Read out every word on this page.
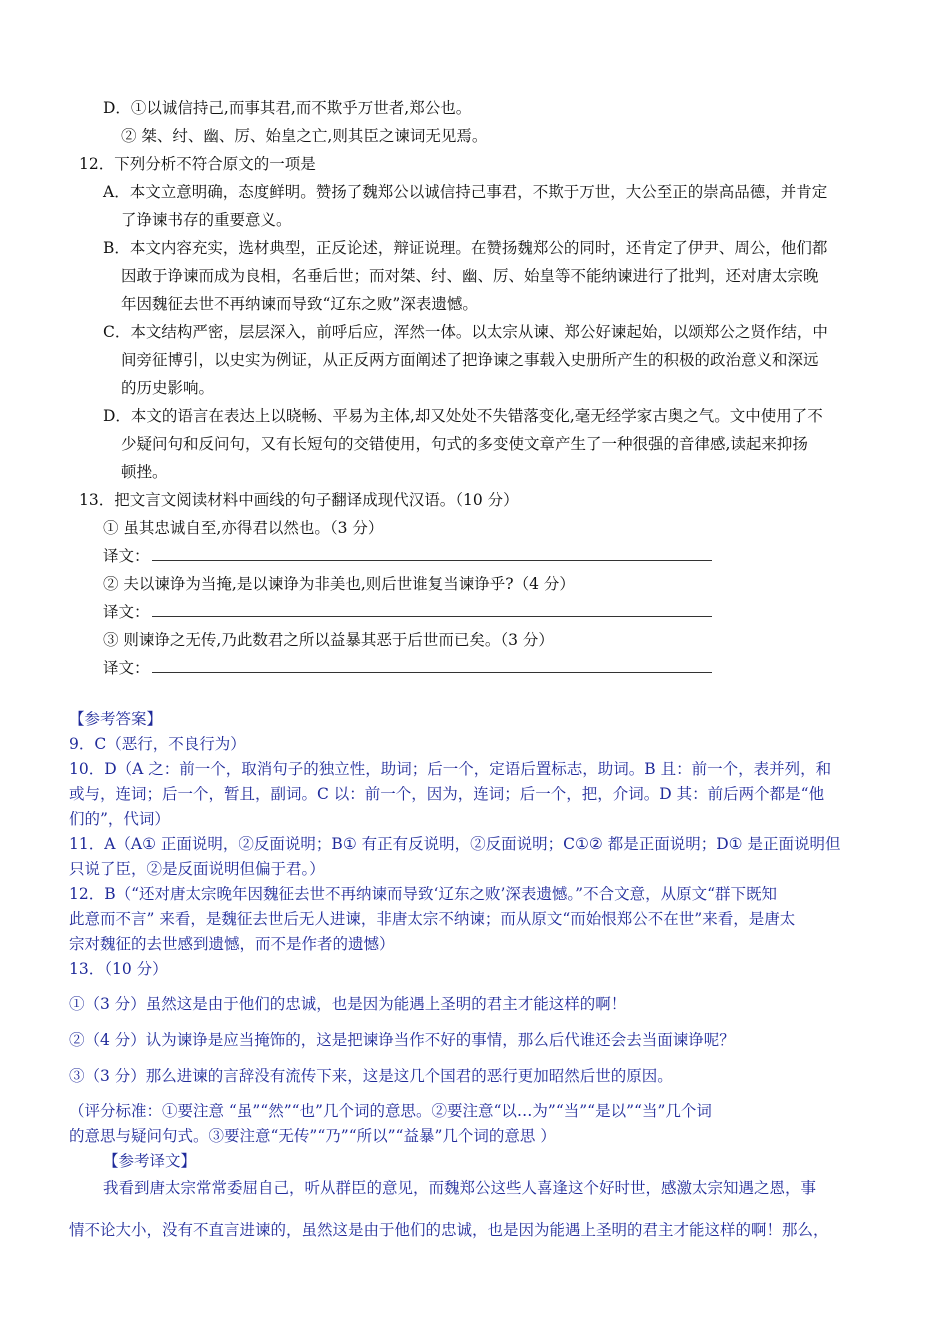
D．①以诚信持己,而事其君,而不欺乎万世者,郑公也。
② 桀、纣、幽、厉、始皇之亡,则其臣之谏词无见焉。
12．下列分析不符合原文的一项是
A．本文立意明确，态度鲜明。赞扬了魏郑公以诚信持己事君，不欺于万世，大公至正的崇高品德，并肯定
了诤谏书存的重要意义。
B．本文内容充实，选材典型，正反论述，辩证说理。在赞扬魏郑公的同时，还肯定了伊尹、周公，他们都
因敢于诤谏而成为良相，名垂后世；而对桀、纣、幽、厉、始皇等不能纳谏进行了批判，还对唐太宗晚
年因魏征去世不再纳谏而导致“辽东之败”深表遗憾。
C．本文结构严密，层层深入，前呼后应，浑然一体。以太宗从谏、郑公好谏起始，以颂郑公之贤作结，中
间旁征博引，以史实为例证，从正反两方面阐述了把诤谏之事载入史册所产生的积极的政治意义和深远
的历史影响。
D．本文的语言在表达上以晓畅、平易为主体,却又处处不失错落变化,毫无经学家古奥之气。文中使用了不
少疑问句和反问句，又有长短句的交错使用，句式的多变使文章产生了一种很强的音律感,读起来抑扬
顿挫。
13．把文言文阅读材料中画线的句子翻译成现代汉语。（10 分）
① 虽其忠诚自至,亦得君以然也。（3 分）
译文：
② 夫以谏诤为当掩,是以谏诤为非美也,则后世谁复当谏诤乎?（4 分）
译文：
③ 则谏诤之无传,乃此数君之所以益暴其恶于后世而已矣。（3 分）
译文：
【参考答案】
9．C（恶行，不良行为）
10．D（A 之：前一个，取消句子的独立性，助词；后一个，定语后置标志，助词。B 且：前一个，表并列，和
或与，连词；后一个，暂且，副词。C 以：前一个，因为，连词；后一个，把，介词。D 其：前后两个都是“他
们的”，代词）
11．A（A① 正面说明，②反面说明；B① 有正有反说明，②反面说明；C①② 都是正面说明；D① 是正面说明但
只说了臣，②是反面说明但偏于君。）
12．B（“还对唐太宗晚年因魏征去世不再纳谏而导致‘辽东之败’深表遗憾。”不合文意，从原文“群下既知
此意而不言” 来看，是魏征去世后无人进谏，非唐太宗不纳谏；而从原文“而始恨郑公不在世”来看，是唐太
宗对魏征的去世感到遗憾，而不是作者的遗憾）
13．（10 分）
①（3 分）虽然这是由于他们的忠诚，也是因为能遇上圣明的君主才能这样的啊！
②（4 分）认为谏诤是应当掩饰的，这是把谏诤当作不好的事情，那么后代谁还会去当面谏诤呢？
③（3 分）那么进谏的言辞没有流传下来，这是这几个国君的恶行更加昭然后世的原因。
（评分标准：①要注意 “虽”“然”“也”几个词的意思。②要注意“以…为”“当”“是以”“当”几个词
的意思与疑问句式。③要注意“无传”“乃”“所以”“益暴”几个词的意思 ）
【参考译文】
我看到唐太宗常常委屈自己，听从群臣的意见，而魏郑公这些人喜逢这个好时世，感激太宗知遇之恩，事
情不论大小，没有不直言进谏的，虽然这是由于他们的忠诚，也是因为能遇上圣明的君主才能这样的啊！那么，
